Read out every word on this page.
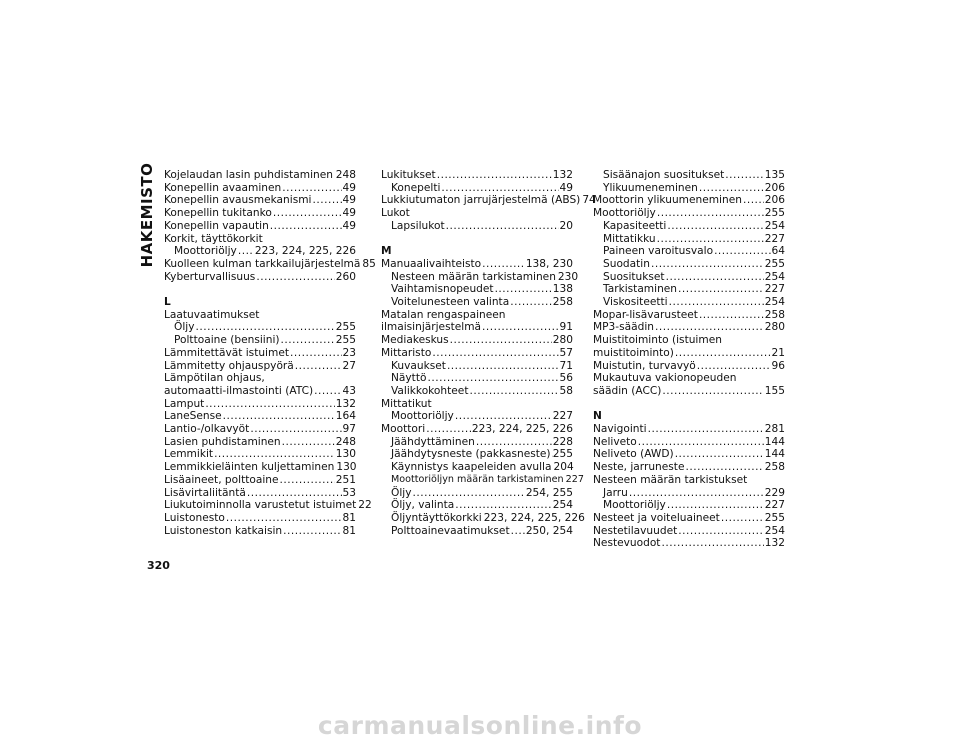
HAKEMISTO Kojelaudan lasin puhdistaminen ..... 248
Konepellin avaaminen .....	49
Konepellin avausmekanismi .....	49
Konepellin tukitanko .....	49
Konepellin vapautin .....	49
Korkit, täyttökorkit
Moottoriöljy ..... 223, 224, 225, 226
Kuolleen kulman tarkkailujärjestelmä 85
Kyberturvallisuus .....	260
L
Laatuvaatimukset
Öljy .....	255
Polttoaine (bensiini) .....	255
Lämmitettävät istuimet .....	23
Lämmitetty ohjauspyörä .....	27
Lämpötilan ohjaus,
automaatti-ilmastointi (ATC) .....	43
Lamput .....	132
LaneSense .....	164
Lantio-/olkavyöt .....	97
Lasien puhdistaminen .....	248
Lemmikit .....	130
Lemmikkieläinten kuljettaminen 130
Lisäaineet, polttoaine .....	251
Lisävirtaliitäntä .....	53
Liukutoiminnolla varustetut istuimet 22
Luistonesto .....	81
Luistoneston katkaisin .....	81
Lukitukset .....	132
Konepelti .....	49
Lukkiutumaton jarrujärjestelmä (ABS) 74
Lukot
Lapsilukot .....	20
M
Manuaalivaihteisto .....	138, 230
Nesteen määrän tarkistaminen 230
Vaihtamisnopeudet .....	138
Voitelunesteen valinta .....	258
Matalan rengaspaineen
ilmaisinjärjestelmä .....	91
Mediakeskus .....	280
Mittaristo .....	57
Kuvaukset .....	71
Näyttö .....	56
Valikkokohteet .....	58
Mittatikut
Moottoriöljy .....	227
Moottori .....	223, 224, 225, 226
Jäähdyttäminen .....	228
Jäähdytysneste (pakkasneste) ..... 255
Käynnistys kaapeleiden avulla 204
Moottoriöljyn määrän tarkistaminen 227
Öljy .....	254, 255
Öljy, valinta .....	254
Öljyntäyttökorkki 223, 224, 225, 226
Polttoainevaatimukset ..... 250, 254
Sisäänajon suositukset .....	135
Ylikuumeneminen .....	206
Moottorin ylikuumeneminen ..... 206
Moottoriöljy .....	255
Kapasiteetti .....	254
Mittatikku .....	227
Paineen varoitusvalo .....	64
Suodatin .....	255
Suositukset .....	254
Tarkistaminen .....	227
Viskositeetti .....	254
Mopar-lisävarusteet .....	258
MP3-säädin .....	280
Muistitoiminto (istuimen
muistitoiminto) .....	21
Muistutin, turvavyö .....	96
Mukautuva vakionopeuden
säädin (ACC) .....	155
N
Navigointi .....	281
Neliveto .....	144
Neliveto (AWD) .....	144
Neste, jarruneste .....	258
Nesteen määrän tarkistukset
Jarru .....	229
Moottoriöljy .....	227
Nesteet ja voiteluaineet .....	255
Nestetilavuudet .....	254
Nestevuodot .....	132
320
carmanualsonline.info
